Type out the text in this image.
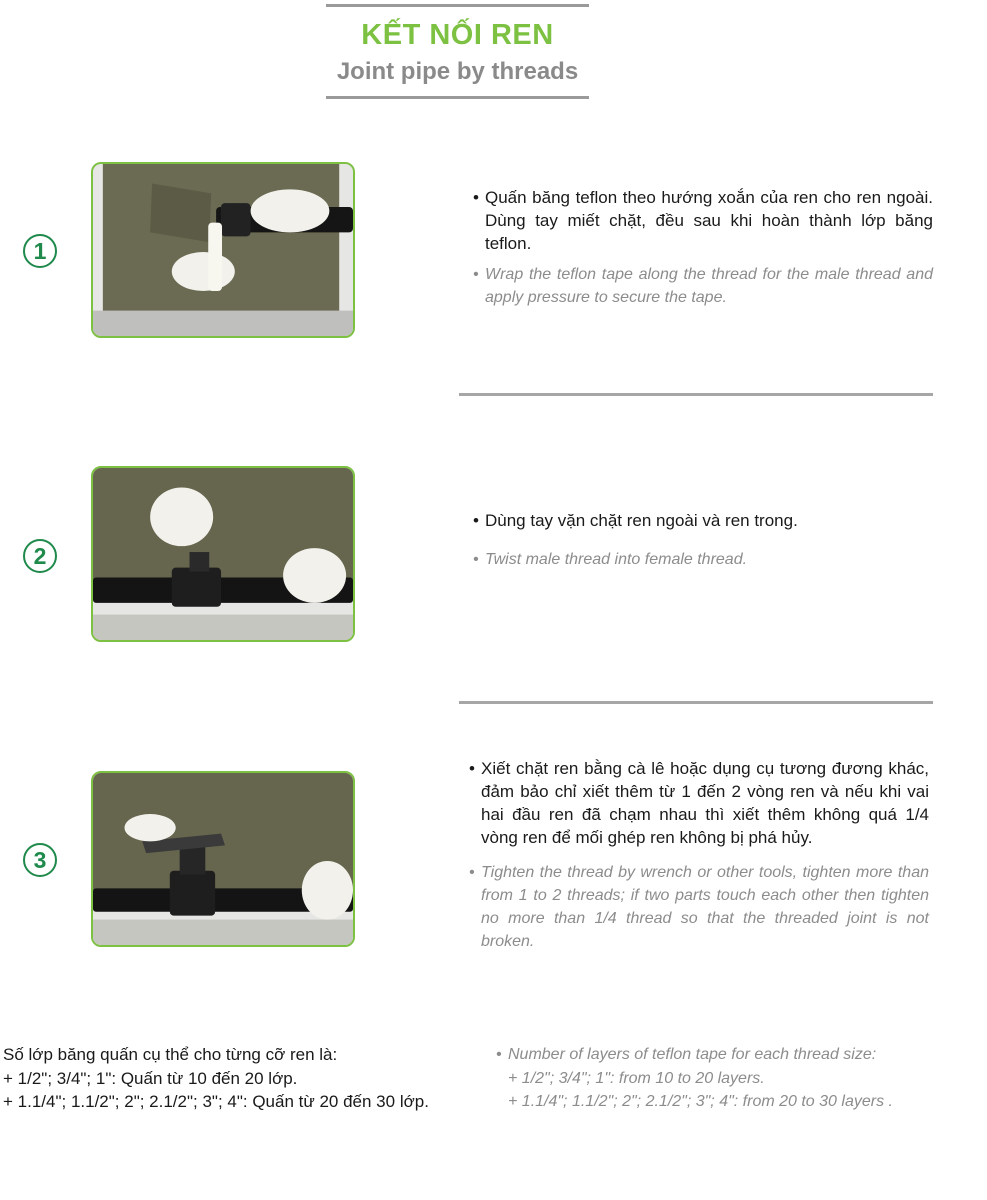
KẾT NỐI REN
Joint pipe by threads
1
• Quấn băng teflon theo hướng xoắn của ren cho ren ngoài. Dùng tay miết chặt, đều sau khi hoàn thành lớp băng teflon.
• Wrap the teflon tape along the thread for the male thread and apply pressure to secure the tape.
2
• Dùng tay vặn chặt ren ngoài và ren trong.
• Twist male thread into female thread.
3
• Xiết chặt ren bằng cà lê hoặc dụng cụ tương đương khác, đảm bảo chỉ xiết thêm từ 1 đến 2 vòng ren và nếu khi vai hai đầu ren đã chạm nhau thì xiết thêm không quá 1/4 vòng ren để mối ghép ren không bị phá hủy.
• Tighten the thread by wrench or other tools, tighten more than from 1 to 2 threads; if two parts touch each other then tighten no more than 1/4 thread so that the threaded joint is not broken.
Số lớp băng quấn cụ thể cho từng cỡ ren là:
+ 1/2"; 3/4"; 1": Quấn từ 10 đến 20 lớp.
+ 1.1/4"; 1.1/2"; 2"; 2.1/2"; 3"; 4": Quấn từ 20 đến 30 lớp.
• Number of layers of teflon tape for each thread size:
+ 1/2"; 3/4"; 1": from 10 to 20 layers.
+ 1.1/4"; 1.1/2"; 2"; 2.1/2"; 3"; 4": from 20 to 30 layers .
